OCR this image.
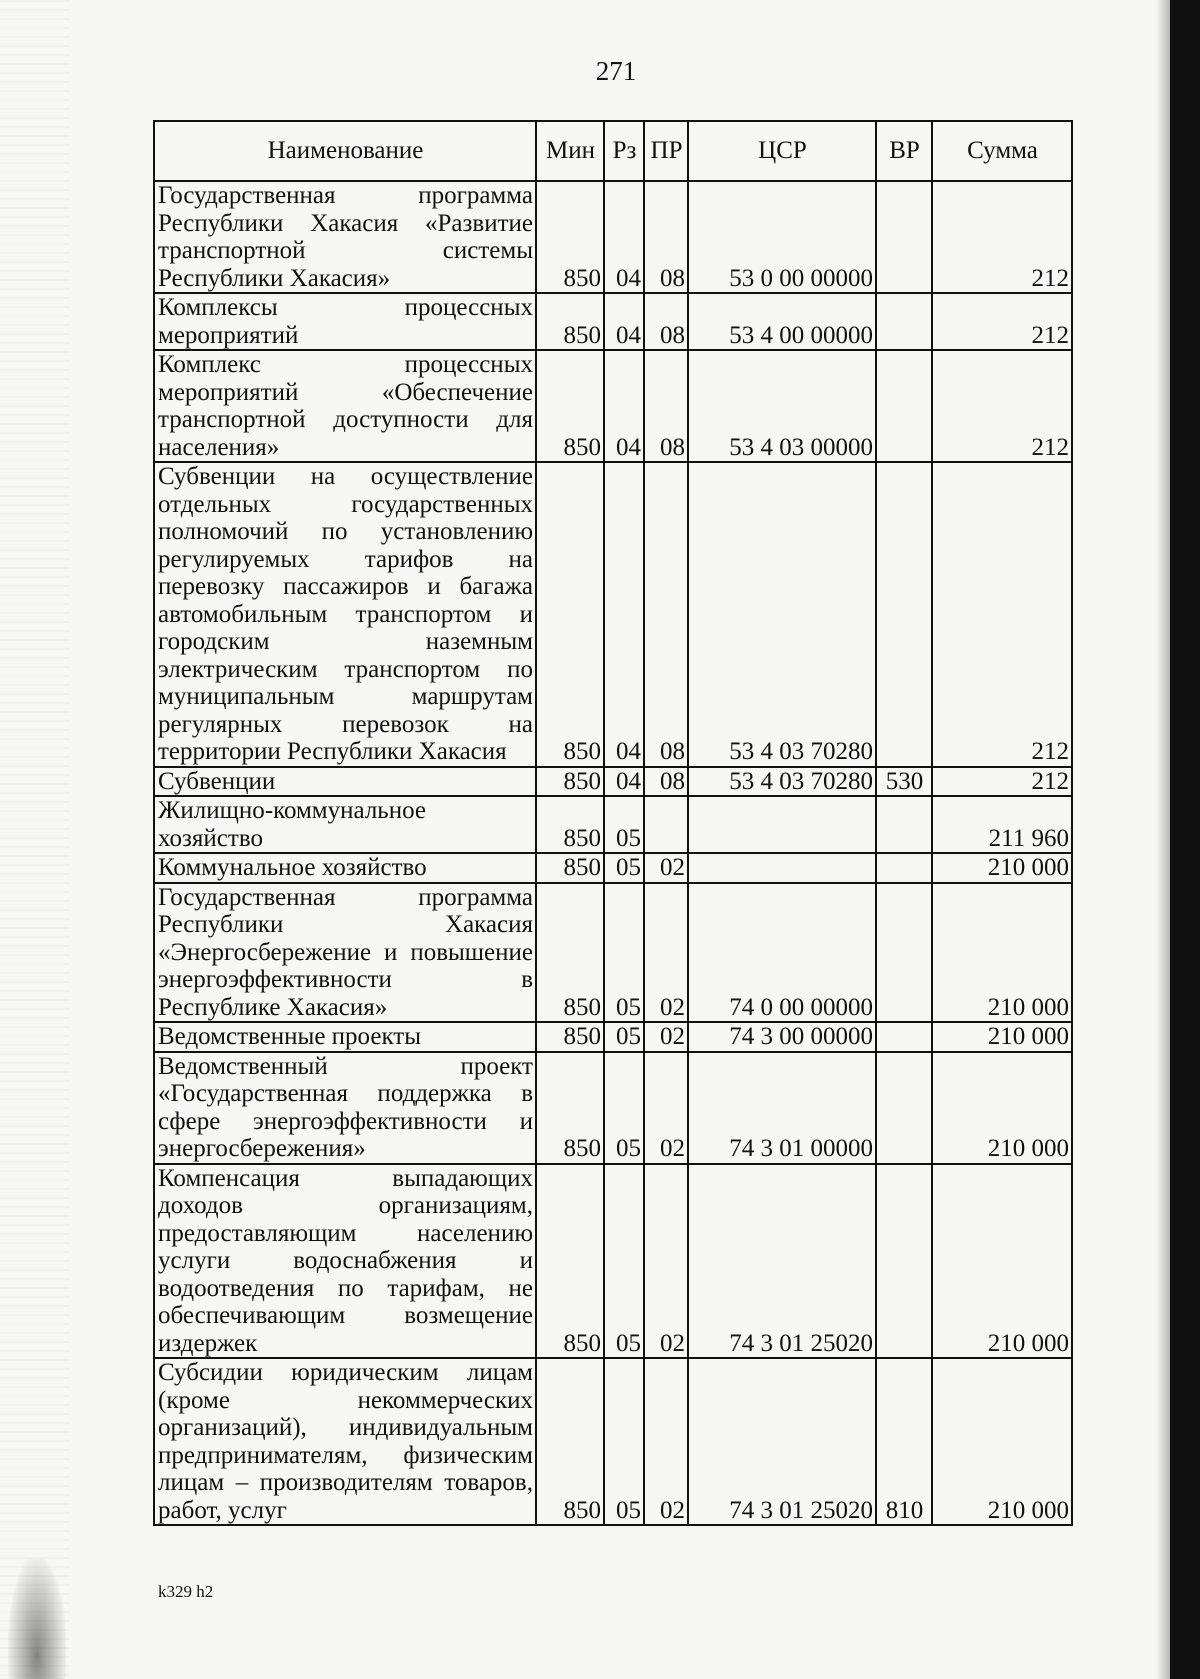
271
Наименование	Мин	Рз	ПР	ЦСР	ВР	Сумма
Государственная программа Республики Хакасия «Развитие транспортной системы Республики Хакасия»	850	04	08	53 0 00 00000		212
Комплексы процессных мероприятий	850	04	08	53 4 00 00000		212
Комплекс процессных мероприятий «Обеспечение транспортной доступности для населения»	850	04	08	53 4 03 00000		212
Субвенции на осуществление отдельных государственных полномочий по установлению регулируемых тарифов на перевозку пассажиров и багажа автомобильным транспортом и городским наземным электрическим транспортом по муниципальным маршрутам регулярных перевозок на территории Республики Хакасия	850	04	08	53 4 03 70280		212
Субвенции	850	04	08	53 4 03 70280	530	212
Жилищно-коммунальное хозяйство	850	05				211 960
Коммунальное хозяйство	850	05	02			210 000
Государственная программа Республики Хакасия «Энергосбережение и повышение энергоэффективности в Республике Хакасия»	850	05	02	74 0 00 00000		210 000
Ведомственные проекты	850	05	02	74 3 00 00000		210 000
Ведомственный проект «Государственная поддержка в сфере энергоэффективности и энергосбережения»	850	05	02	74 3 01 00000		210 000
Компенсация выпадающих доходов организациям, предоставляющим населению услуги водоснабжения и водоотведения по тарифам, не обеспечивающим возмещение издержек	850	05	02	74 3 01 25020		210 000
Субсидии юридическим лицам (кроме некоммерческих организаций), индивидуальным предпринимателям, физическим лицам – производителям товаров, работ, услуг	850	05	02	74 3 01 25020	810	210 000
k329 h2
